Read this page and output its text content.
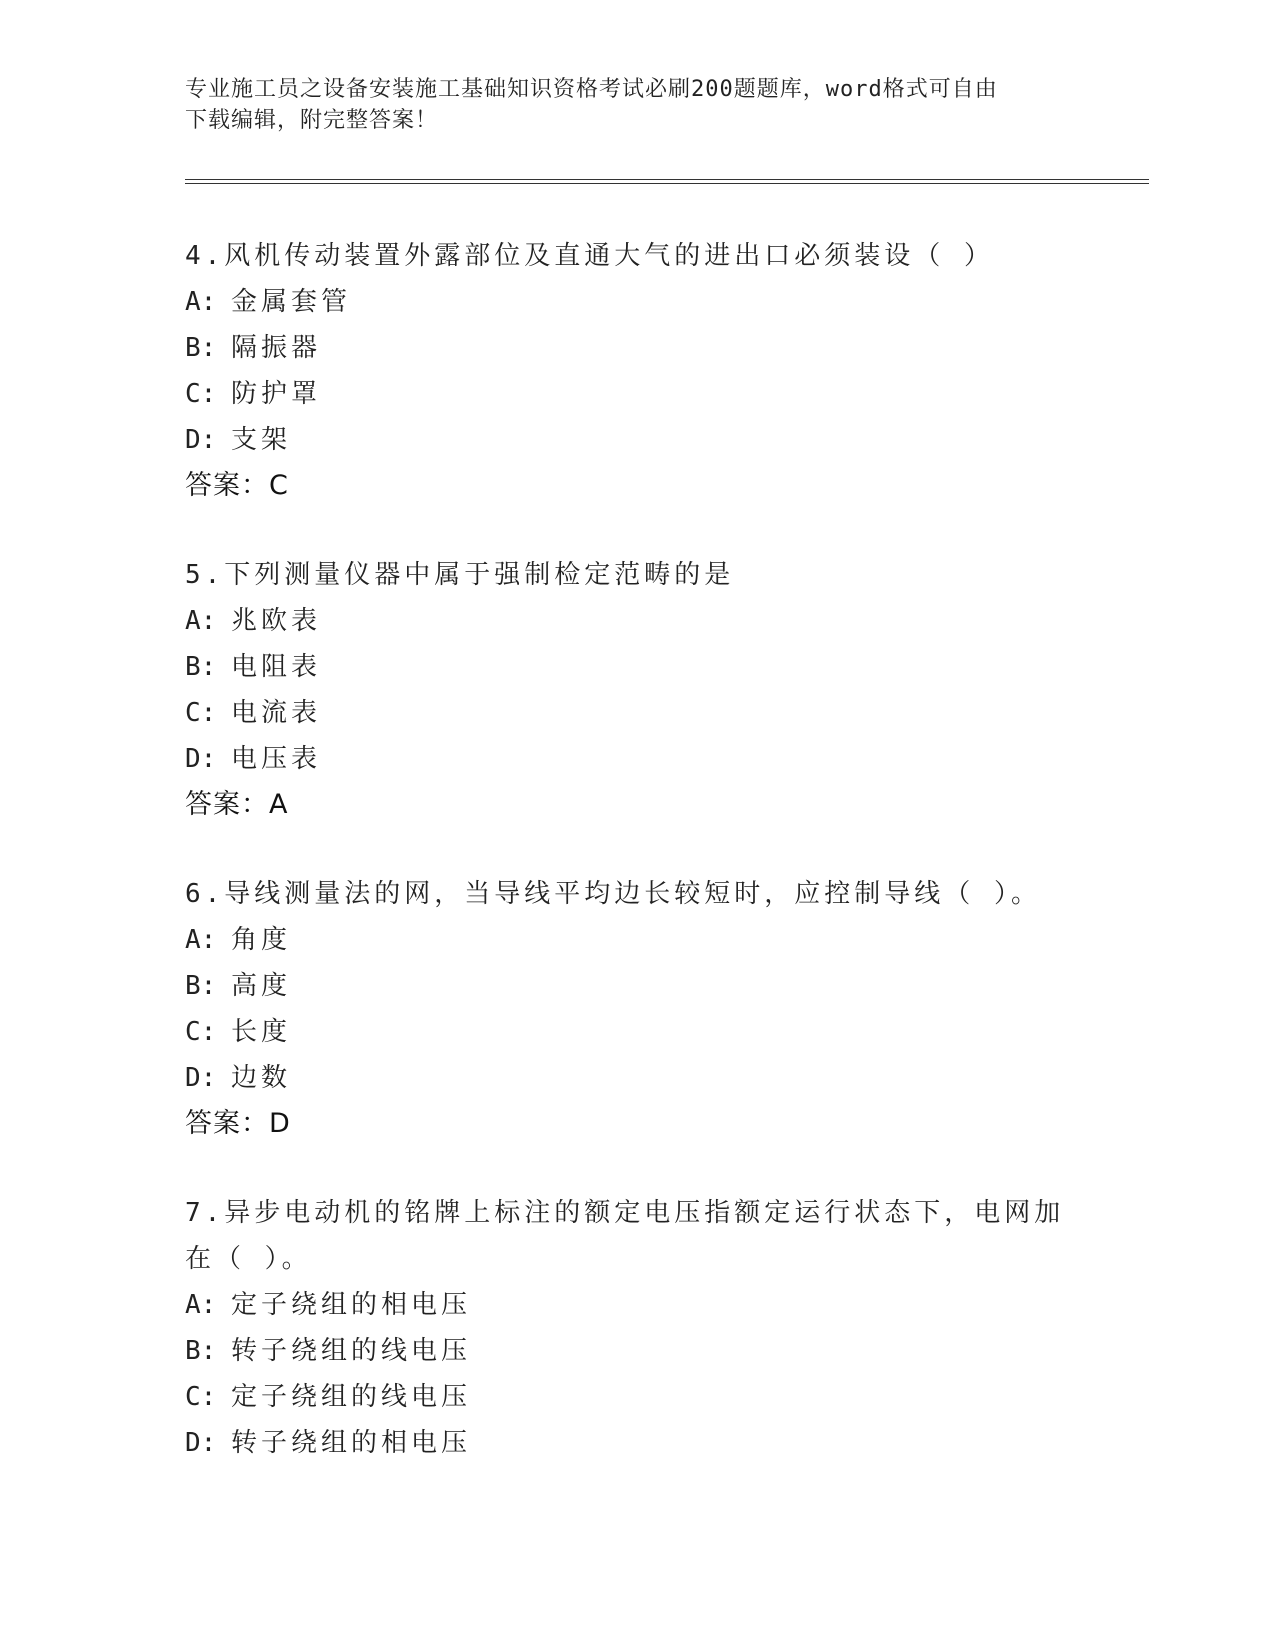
专业施工员之设备安装施工基础知识资格考试必刷200题题库，word格式可自由
下载编辑，附完整答案！
4.风机传动装置外露部位及直通大气的进出口必须装设（ ）
A: 金属套管
B: 隔振器
C: 防护罩
D: 支架
答案：C
5.下列测量仪器中属于强制检定范畴的是
A: 兆欧表
B: 电阻表
C: 电流表
D: 电压表
答案：A
6.导线测量法的网，当导线平均边长较短时，应控制导线（ ）。
A: 角度
B: 高度
C: 长度
D: 边数
答案：D
7.异步电动机的铭牌上标注的额定电压指额定运行状态下，电网加在（ ）。
A: 定子绕组的相电压
B: 转子绕组的线电压
C: 定子绕组的线电压
D: 转子绕组的相电压
